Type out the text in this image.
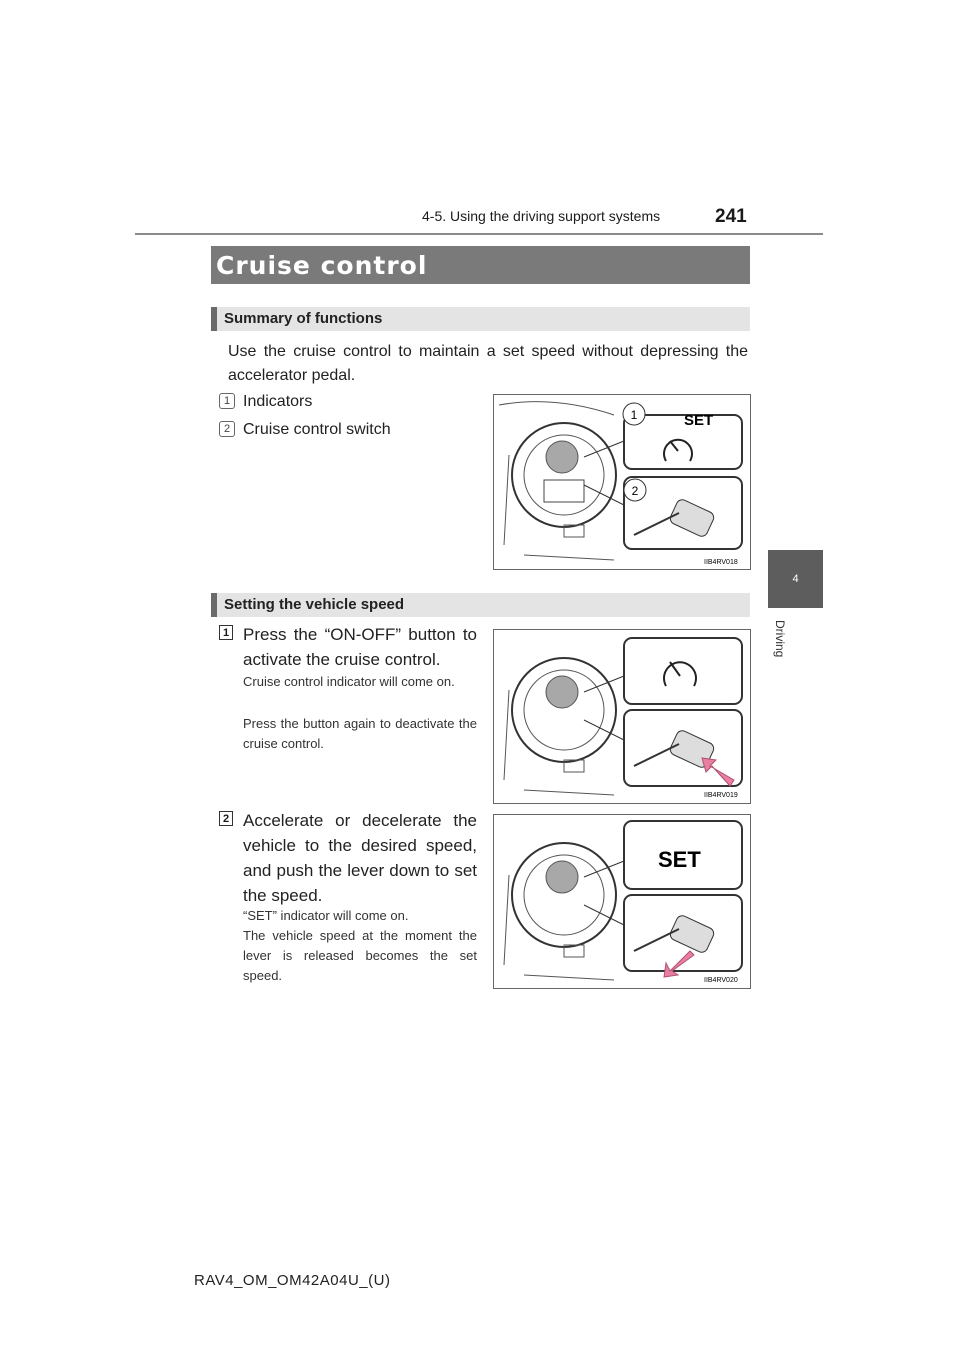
4-5. Using the driving support systems	241
4
Driving
Cruise control
Summary of functions
Use the cruise control to maintain a set speed without depressing the accelerator pedal.
1 Indicators
2 Cruise control switch
1
2
SET
IIB4RV018
Setting the vehicle speed
1 Press the “ON-OFF” button to activate the cruise control.
Cruise control indicator will come on.
Press the button again to deactivate the cruise control.
IIB4RV019
2 Accelerate or decelerate the vehicle to the desired speed, and push the lever down to set the speed.
“SET” indicator will come on.
The vehicle speed at the moment the lever is released becomes the set speed.
SET
IIB4RV020
RAV4_OM_OM42A04U_(U)
